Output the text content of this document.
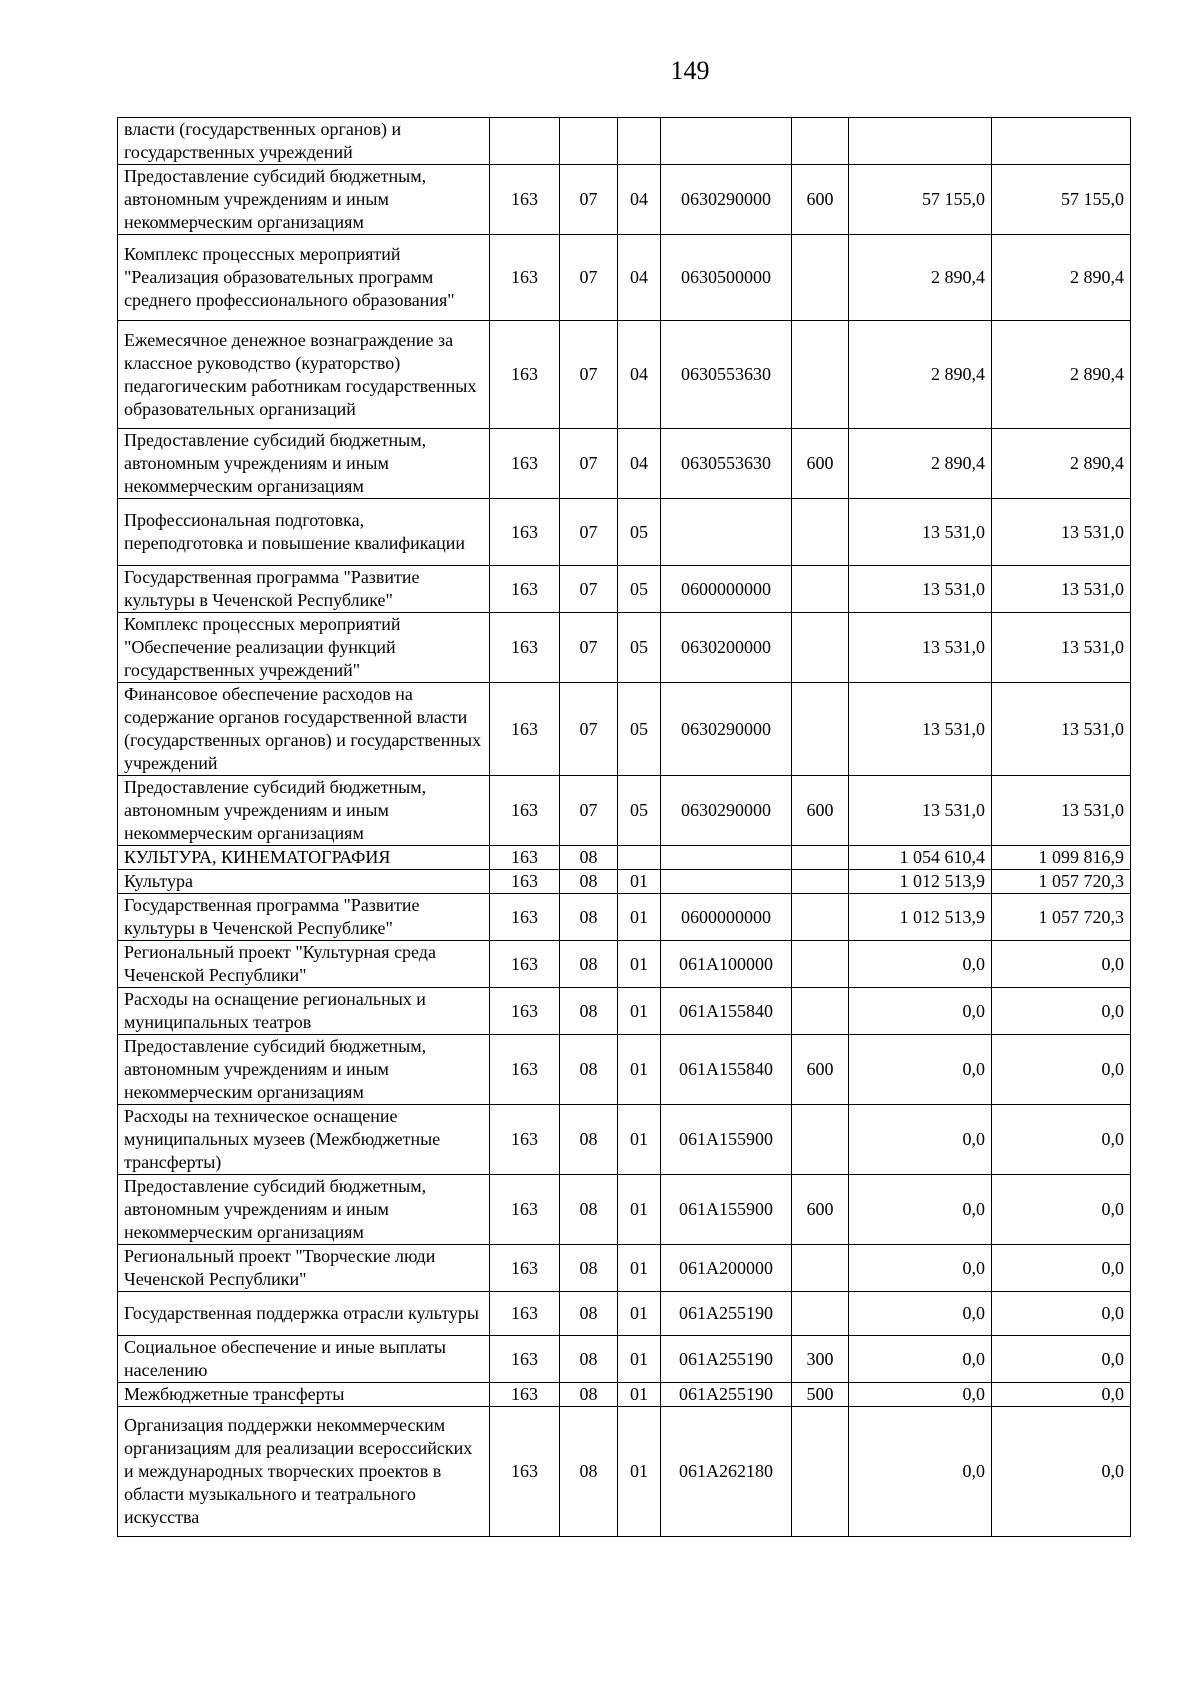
149
власти (государственных органов) и государственных учреждений							
Предоставление субсидий бюджетным, автономным учреждениям и иным некоммерческим организациям	163	07	04	0630290000	600	57 155,0	57 155,0
Комплекс процессных мероприятий "Реализация образовательных программ среднего профессионального образования"	163	07	04	0630500000		2 890,4	2 890,4
Ежемесячное денежное вознаграждение за классное руководство (кураторство) педагогическим работникам государственных образовательных организаций	163	07	04	0630553630		2 890,4	2 890,4
Предоставление субсидий бюджетным, автономным учреждениям и иным некоммерческим организациям	163	07	04	0630553630	600	2 890,4	2 890,4
Профессиональная подготовка, переподготовка и повышение квалификации	163	07	05			13 531,0	13 531,0
Государственная программа "Развитие культуры в Чеченской Республике"	163	07	05	0600000000		13 531,0	13 531,0
Комплекс процессных мероприятий "Обеспечение реализации функций государственных учреждений"	163	07	05	0630200000		13 531,0	13 531,0
Финансовое обеспечение расходов на содержание органов государственной власти (государственных органов) и государственных учреждений	163	07	05	0630290000		13 531,0	13 531,0
Предоставление субсидий бюджетным, автономным учреждениям и иным некоммерческим организациям	163	07	05	0630290000	600	13 531,0	13 531,0
КУЛЬТУРА, КИНЕМАТОГРАФИЯ	163	08				1 054 610,4	1 099 816,9
Культура	163	08	01			1 012 513,9	1 057 720,3
Государственная программа "Развитие культуры в Чеченской Республике"	163	08	01	0600000000		1 012 513,9	1 057 720,3
Региональный проект "Культурная среда Чеченской Республики"	163	08	01	061А100000		0,0	0,0
Расходы на оснащение региональных и муниципальных театров	163	08	01	061А155840		0,0	0,0
Предоставление субсидий бюджетным, автономным учреждениям и иным некоммерческим организациям	163	08	01	061А155840	600	0,0	0,0
Расходы на техническое оснащение муниципальных музеев (Межбюджетные трансферты)	163	08	01	061А155900		0,0	0,0
Предоставление субсидий бюджетным, автономным учреждениям и иным некоммерческим организациям	163	08	01	061А155900	600	0,0	0,0
Региональный проект "Творческие люди Чеченской Республики"	163	08	01	061А200000		0,0	0,0
Государственная поддержка отрасли культуры	163	08	01	061А255190		0,0	0,0
Социальное обеспечение и иные выплаты населению	163	08	01	061А255190	300	0,0	0,0
Межбюджетные трансферты	163	08	01	061А255190	500	0,0	0,0
Организация поддержки некоммерческим организациям для реализации всероссийских и международных творческих проектов в области музыкального и театрального искусства	163	08	01	061А262180		0,0	0,0
